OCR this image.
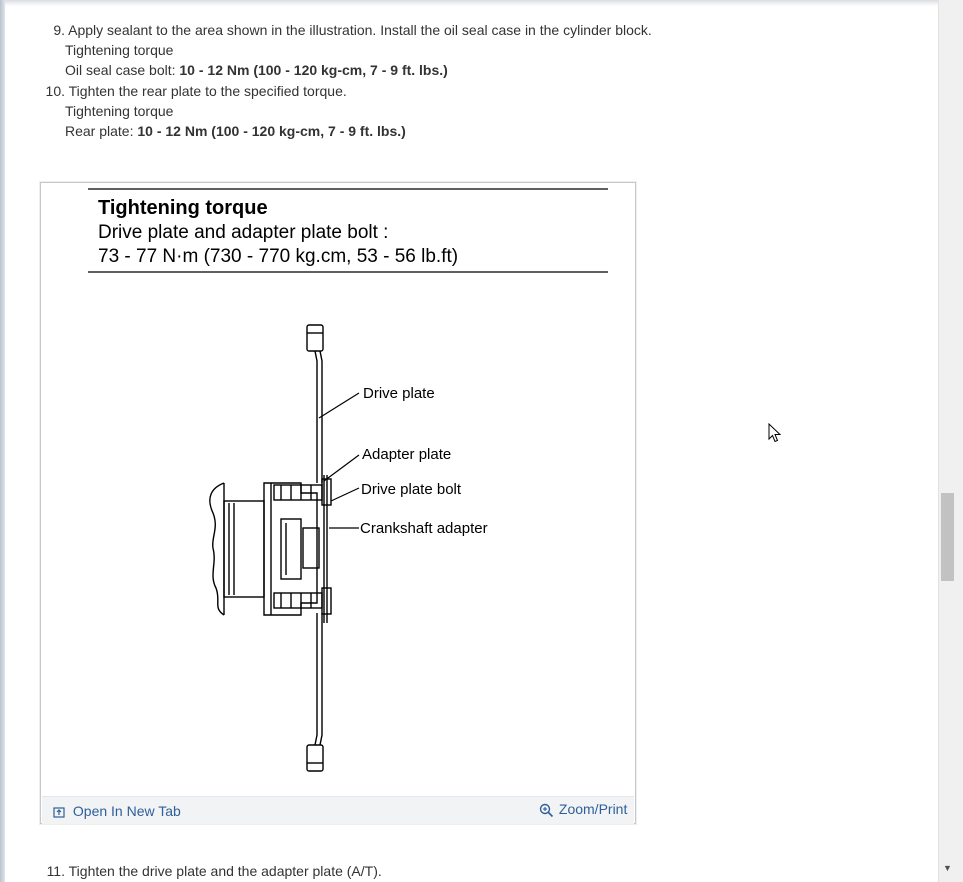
9. Apply sealant to the area shown in the illustration. Install the oil seal case in the cylinder block.
Tightening torque
Oil seal case bolt: 10 - 12 Nm (100 - 120 kg-cm, 7 - 9 ft. lbs.)
10. Tighten the rear plate to the specified torque.
Tightening torque
Rear plate: 10 - 12 Nm (100 - 120 kg-cm, 7 - 9 ft. lbs.)
11. Tighten the drive plate and the adapter plate (A/T).
Tightening torque
Drive plate and adapter plate bolt :
73 - 77 N·m (730 - 770 kg.cm, 53 - 56 lb.ft)
Drive plate
Adapter plate
Drive plate bolt
Crankshaft adapter
Open In New Tab	Zoom/Print
▼
